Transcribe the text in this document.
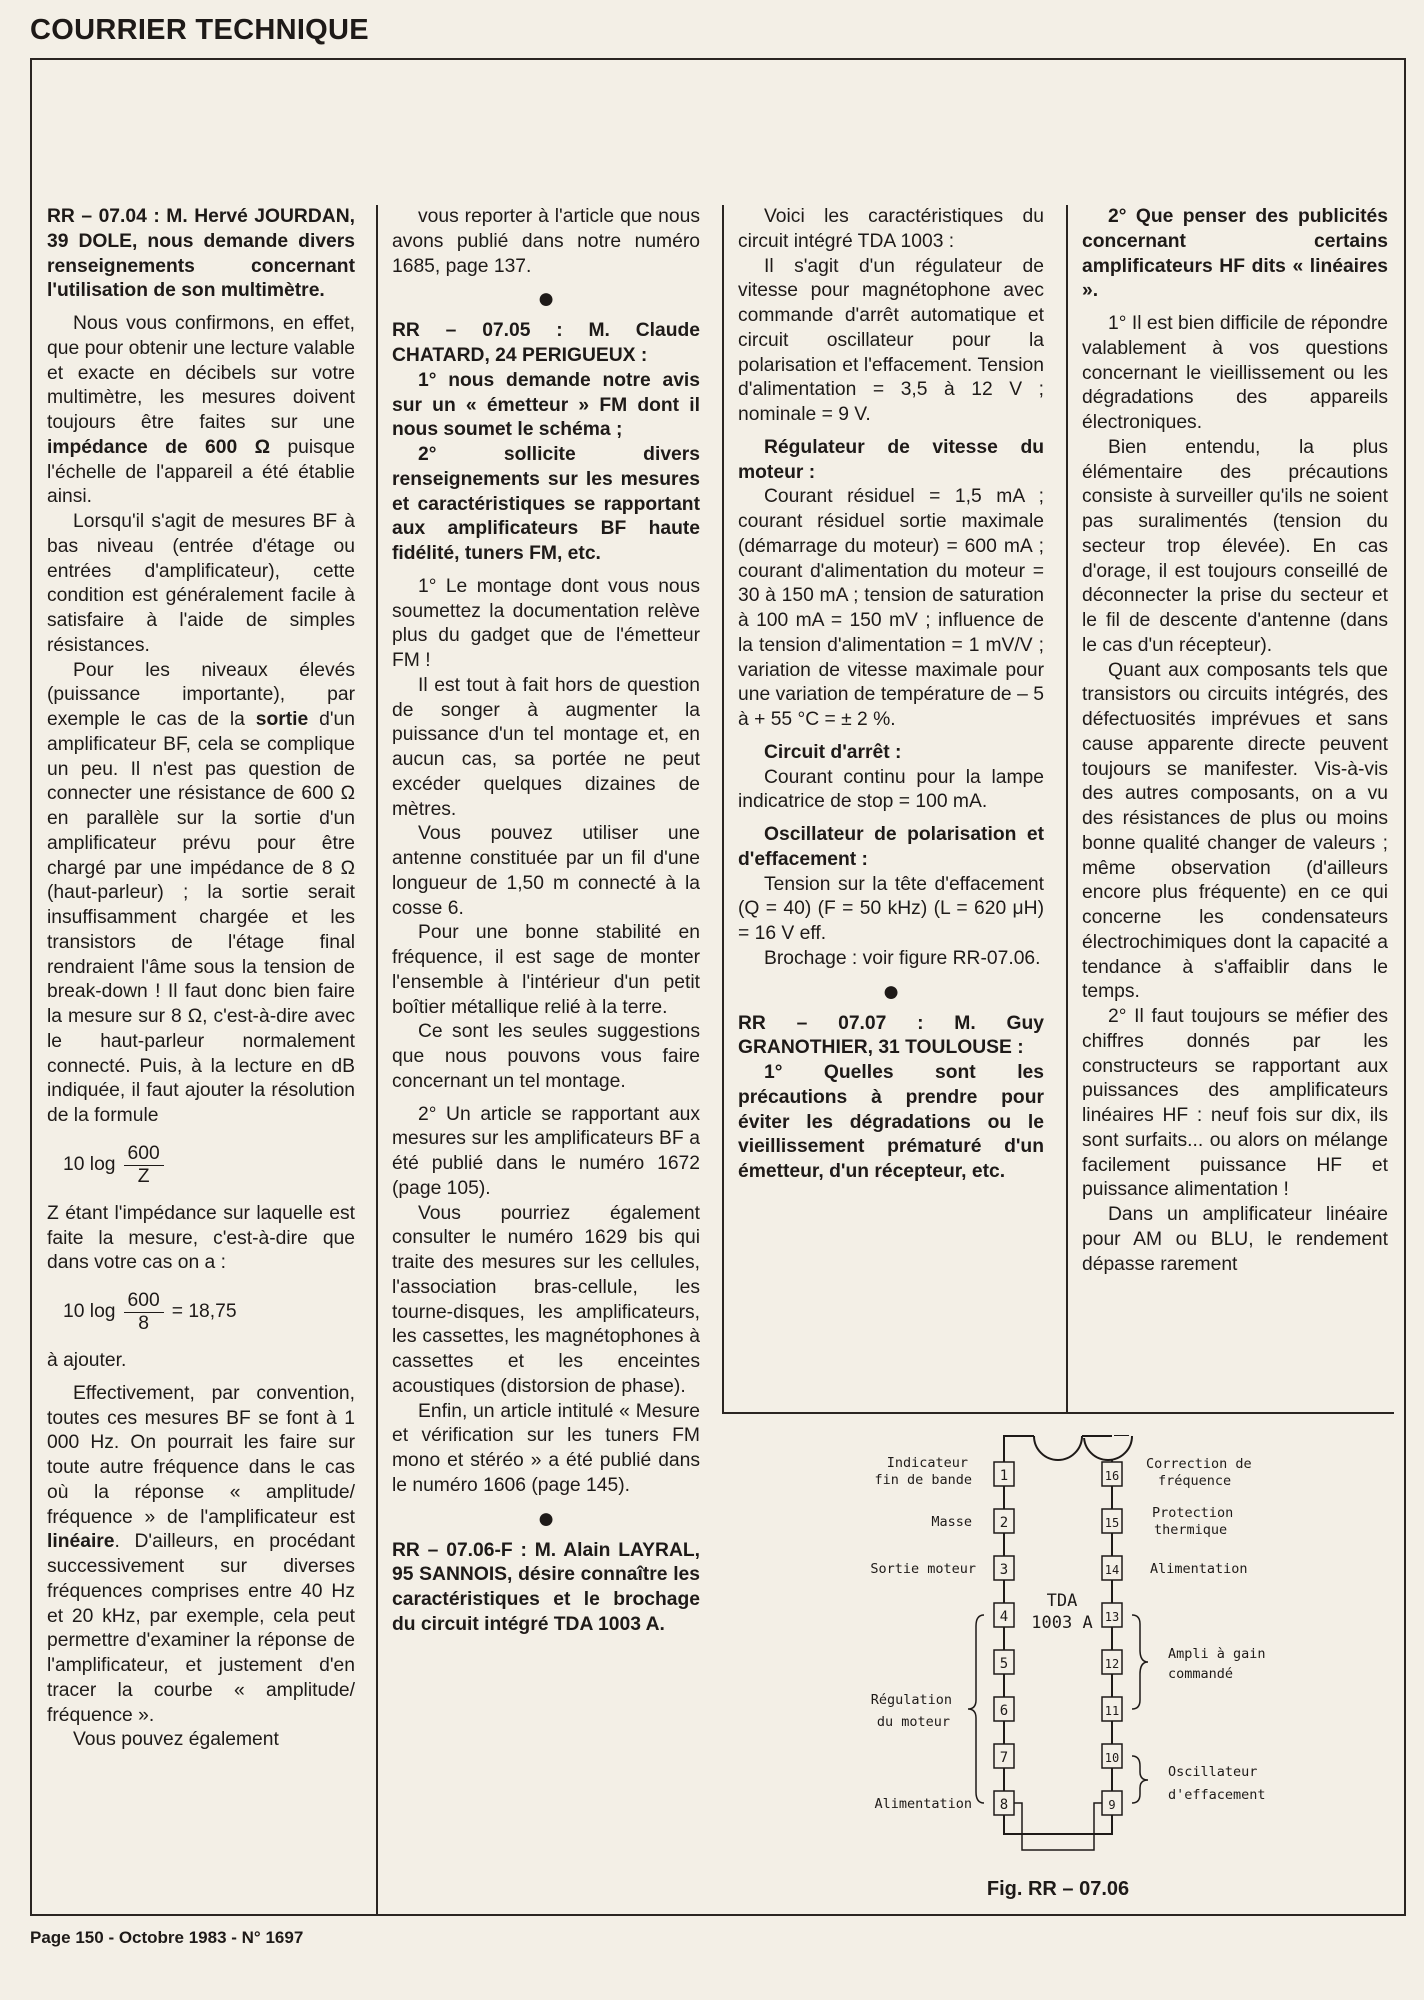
COURRIER TECHNIQUE

RR – 07.04 : M. Hervé JOURDAN, 39 DOLE, nous demande divers renseignements concernant l'utilisation de son multimètre.

Nous vous confirmons, en effet, que pour obtenir une lecture valable et exacte en décibels sur votre multimètre, les mesures doivent toujours être faites sur une impédance de 600 Ω puisque l'échelle de l'appareil a été établie ainsi.

Lorsqu'il s'agit de mesures BF à bas niveau (entrée d'étage ou entrées d'amplificateur), cette condition est généralement facile à satisfaire à l'aide de simples résistances.

Pour les niveaux élevés (puissance importante), par exemple le cas de la sortie d'un amplificateur BF, cela se complique un peu. Il n'est pas question de connecter une résistance de 600 Ω en parallèle sur la sortie d'un amplificateur prévu pour être chargé par une impédance de 8 Ω (haut-parleur) ; la sortie serait insuffisamment chargée et les transistors de l'étage final rendraient l'âme sous la tension de break-down ! Il faut donc bien faire la mesure sur 8 Ω, c'est-à-dire avec le haut-parleur normalement connecté. Puis, à la lecture en dB indiquée, il faut ajouter la résolution de la formule

10 $\log \frac{600}{Z}$

Z étant l'impédance sur laquelle est faite la mesure, c'est-à-dire que dans votre cas on a :

10 $\log \frac{600}{8} = 18,75$

à ajouter.

Effectivement, par convention, toutes ces mesures BF se font à 1 000 Hz. On pourrait les faire sur toute autre fréquence dans le cas où la réponse « amplitude/ fréquence » de l'amplificateur est linéaire. D'ailleurs, en procédant successivement sur diverses fréquences comprises entre 40 Hz et 20 kHz, par exemple, cela peut permettre d'examiner la réponse de l'amplificateur, et justement d'en tracer la courbe « amplitude/ fréquence ».

Vous pouvez également

vous reporter à l'article que nous avons publié dans notre numéro 1685, page 137.

●

RR – 07.05 : M. Claude CHATARD, 24 PERIGUEUX :

1° nous demande notre avis sur un « émetteur » FM dont il nous soumet le schéma ;

2° sollicite divers renseignements sur les mesures et caractéristiques se rapportant aux amplificateurs BF haute fidélité, tuners FM, etc.

1° Le montage dont vous nous soumettez la documentation relève plus du gadget que de l'émetteur FM !

Il est tout à fait hors de question de songer à augmenter la puissance d'un tel montage et, en aucun cas, sa portée ne peut excéder quelques dizaines de mètres.

Vous pouvez utiliser une antenne constituée par un fil d'une longueur de 1,50 m connecté à la cosse 6.

Pour une bonne stabilité en fréquence, il est sage de monter l'ensemble à l'intérieur d'un petit boîtier métallique relié à la terre.

Ce sont les seules suggestions que nous pouvons vous faire concernant un tel montage.

2° Un article se rapportant aux mesures sur les amplificateurs BF a été publié dans le numéro 1672 (page 105).

Vous pourriez également consulter le numéro 1629 bis qui traite des mesures sur les cellules, l'association bras-cellule, les tourne-disques, les amplificateurs, les cassettes, les magnétophones à cassettes et les enceintes acoustiques (distorsion de phase).

Enfin, un article intitulé « Mesure et vérification sur les tuners FM mono et stéréo » a été publié dans le numéro 1606 (page 145).

●

RR – 07.06-F : M. Alain LAYRAL, 95 SANNOIS, désire connaître les caractéristiques et le brochage du circuit intégré TDA 1003 A.

Voici les caractéristiques du circuit intégré TDA 1003 :

Il s'agit d'un régulateur de vitesse pour magnétophone avec commande d'arrêt automatique et circuit oscillateur pour la polarisation et l'effacement. Tension d'alimentation = 3,5 à 12 V ; nominale = 9 V.

Régulateur de vitesse du moteur :

Courant résiduel = 1,5 mA ; courant résiduel sortie maximale (démarrage du moteur) = 600 mA ; courant d'alimentation du moteur = 30 à 150 mA ; tension de saturation à 100 mA = 150 mV ; influence de la tension d'alimentation = 1 mV/V ; variation de vitesse maximale pour une variation de température de – 5 à + 55 °C = ± 2 %.

Circuit d'arrêt :

Courant continu pour la lampe indicatrice de stop = 100 mA.

Oscillateur de polarisation et d'effacement :

Tension sur la tête d'effacement (Q = 40) (F = 50 kHz) (L = 620 μH) = 16 V eff.

Brochage : voir figure RR-07.06.

●

RR – 07.07 : M. Guy GRANOTHIER, 31 TOULOUSE :

1° Quelles sont les précautions à prendre pour éviter les dégradations ou le vieillissement prématuré d'un émetteur, d'un récepteur, etc.

2° Que penser des publicités concernant certains amplificateurs HF dits « linéaires ».

1° Il est bien difficile de répondre valablement à vos questions concernant le vieillissement ou les dégradations des appareils électroniques.

Bien entendu, la plus élémentaire des précautions consiste à surveiller qu'ils ne soient pas suralimentés (tension du secteur trop élevée). En cas d'orage, il est toujours conseillé de déconnecter la prise du secteur et le fil de descente d'antenne (dans le cas d'un récepteur).

Quant aux composants tels que transistors ou circuits intégrés, des défectuosités imprévues et sans cause apparente directe peuvent toujours se manifester. Vis-à-vis des autres composants, on a vu des résistances de plus ou moins bonne qualité changer de valeurs ; même observation (d'ailleurs encore plus fréquente) en ce qui concerne les condensateurs électrochimiques dont la capacité a tendance à s'affaiblir dans le temps.

2° Il faut toujours se méfier des chiffres donnés par les constructeurs se rapportant aux puissances des amplificateurs linéaires HF : neuf fois sur dix, ils sont surfaits... ou alors on mélange facilement puissance HF et puissance alimentation !

Dans un amplificateur linéaire pour AM ou BLU, le rendement dépasse rarement

1
2
3
4
5
6
7
8
16
15
14
13
12
11
10
9
TDA
1003 A
Indicateur
fin de bande
Masse
Sortie moteur
Régulation
du moteur
Alimentation
Correction de
fréquence
Protection
thermique
Alimentation
Ampli à gain
commandé
Oscillateur
d'effacement
Fig. RR – 07.06
Page 150 - Octobre 1983 - N° 1697
